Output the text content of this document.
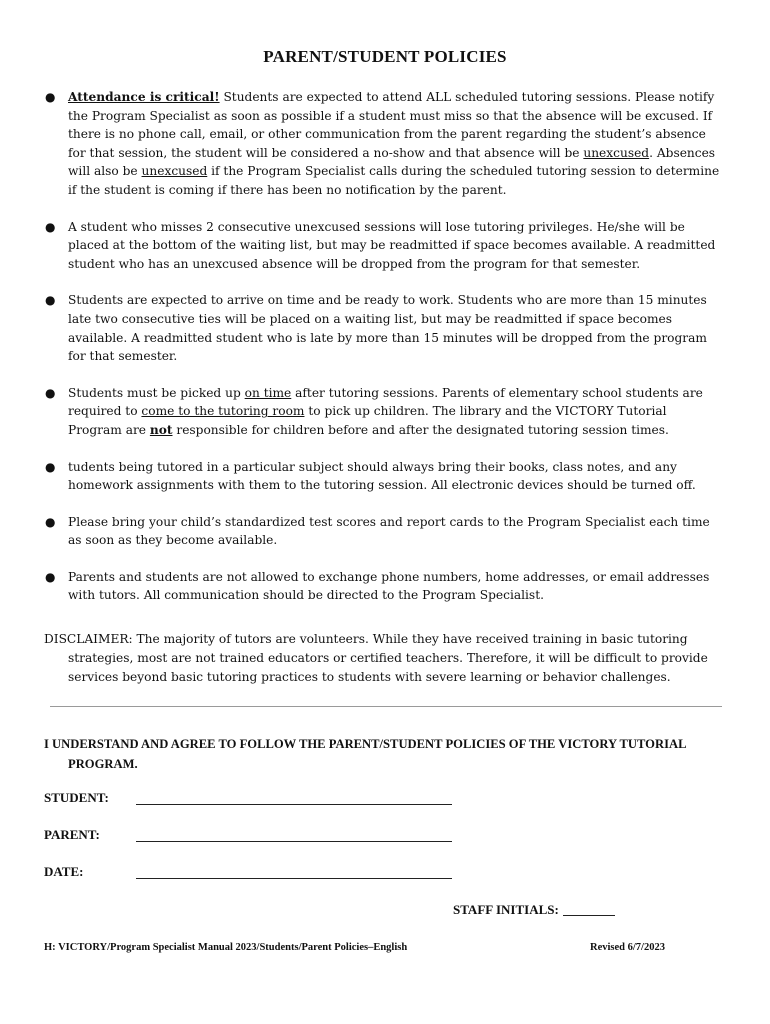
PARENT/STUDENT POLICIES
● Attendance is critical! Students are expected to attend ALL scheduled tutoring sessions. Please notify the Program Specialist as soon as possible if a student must miss so that the absence will be excused. If there is no phone call, email, or other communication from the parent regarding the student’s absence for that session, the student will be considered a no-show and that absence will be unexcused. Absences will also be unexcused if the Program Specialist calls during the scheduled tutoring session to determine if the student is coming if there has been no notification by the parent.
● A student who misses 2 consecutive unexcused sessions will lose tutoring privileges. He/she will be placed at the bottom of the waiting list, but may be readmitted if space becomes available. A readmitted student who has an unexcused absence will be dropped from the program for that semester.
● Students are expected to arrive on time and be ready to work. Students who are more than 15 minutes late two consecutive ties will be placed on a waiting list, but may be readmitted if space becomes available. A readmitted student who is late by more than 15 minutes will be dropped from the program for that semester.
● Students must be picked up on time after tutoring sessions. Parents of elementary school students are required to come to the tutoring room to pick up children. The library and the VICTORY Tutorial Program are not responsible for children before and after the designated tutoring session times.
● tudents being tutored in a particular subject should always bring their books, class notes, and any homework assignments with them to the tutoring session. All electronic devices should be turned off.
● Please bring your child’s standardized test scores and report cards to the Program Specialist each time as soon as they become available.
● Parents and students are not allowed to exchange phone numbers, home addresses, or email addresses with tutors. All communication should be directed to the Program Specialist.
DISCLAIMER: The majority of tutors are volunteers. While they have received training in basic tutoring strategies, most are not trained educators or certified teachers. Therefore, it will be difficult to provide services beyond basic tutoring practices to students with severe learning or behavior challenges.
I UNDERSTAND AND AGREE TO FOLLOW THE PARENT/STUDENT POLICIES OF THE VICTORY TUTORIAL PROGRAM.
STUDENT:
PARENT:
DATE:
STAFF INITIALS:
H: VICTORY/Program Specialist Manual 2023/Students/Parent Policies–English	Revised 6/7/2023
